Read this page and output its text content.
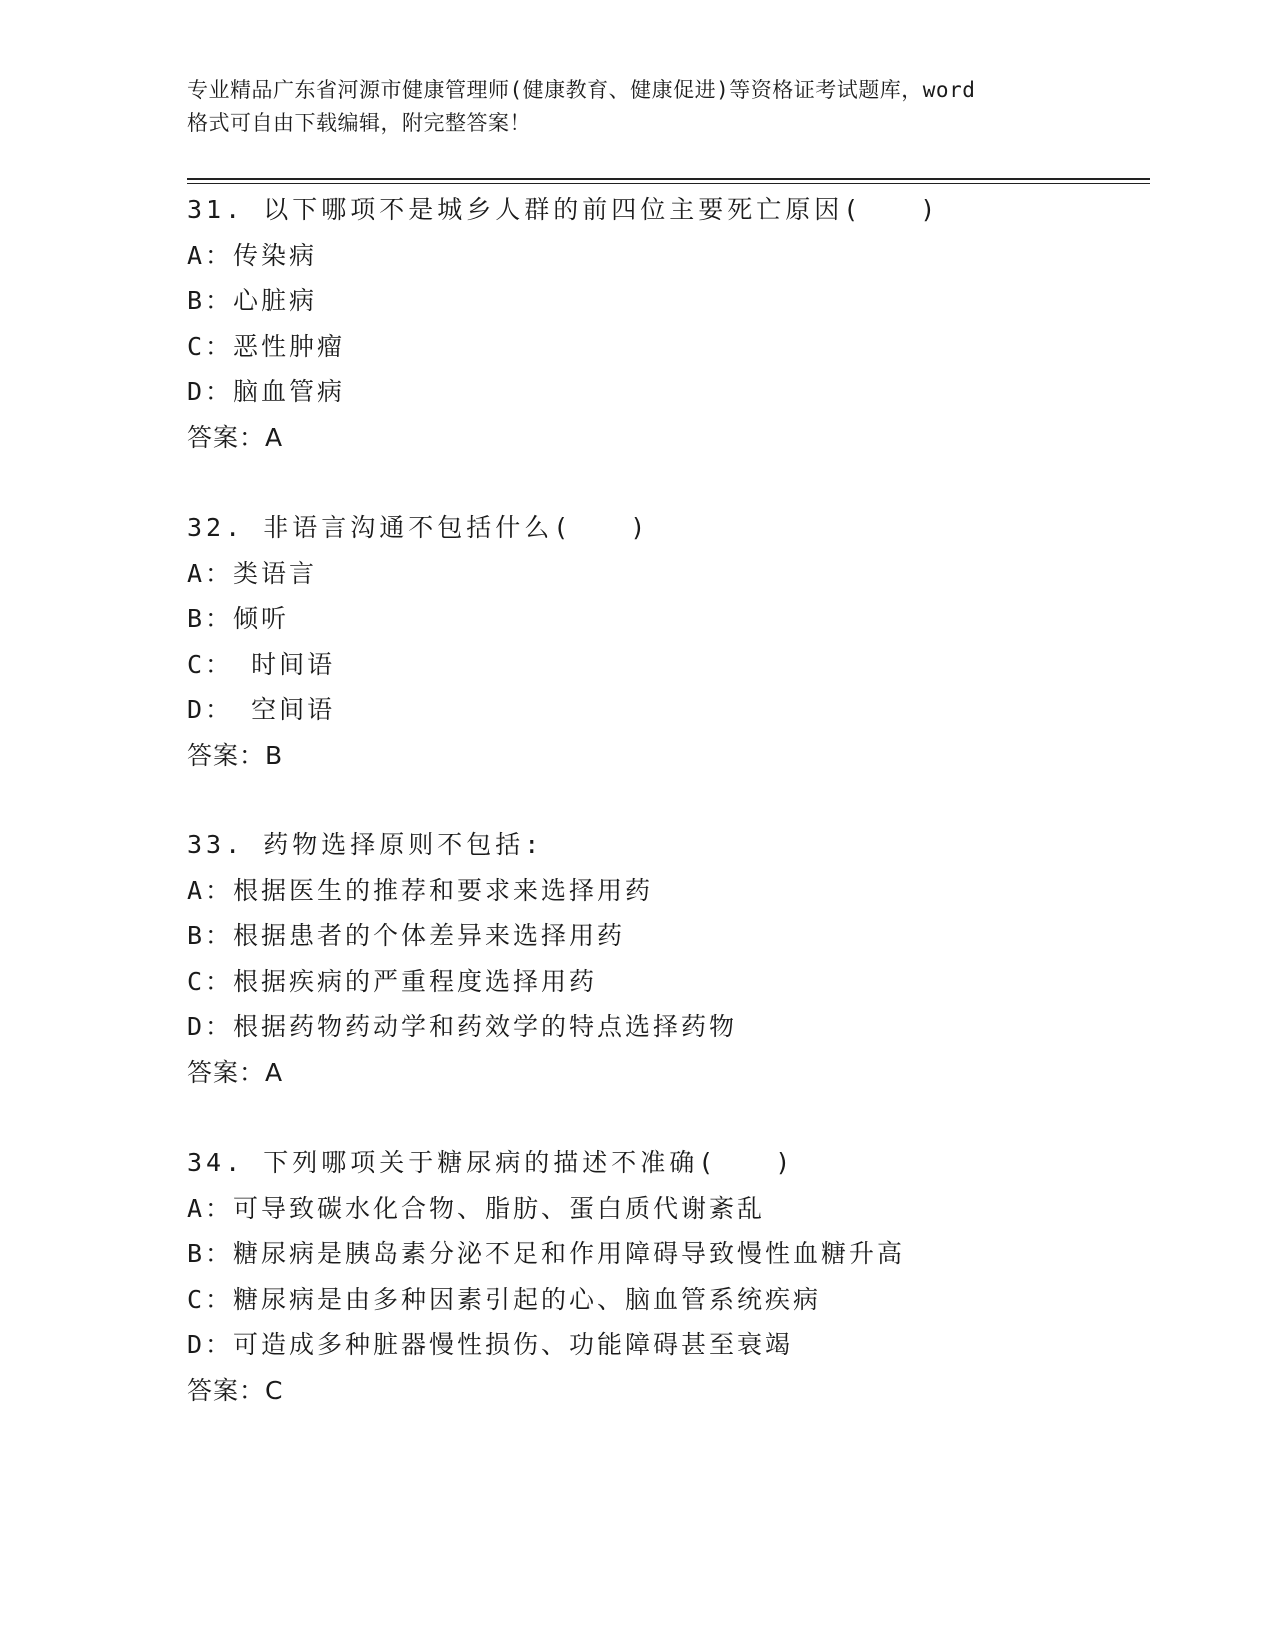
专业精品广东省河源市健康管理师(健康教育、健康促进)等资格证考试题库，word
格式可自由下载编辑，附完整答案！
31. 以下哪项不是城乡人群的前四位主要死亡原因(　　)
A：传染病
B：心脏病
C：恶性肿瘤
D：脑血管病
答案：A
32. 非语言沟通不包括什么(　　)
A：类语言
B：倾听
C： 时间语
D： 空间语
答案：B
33. 药物选择原则不包括:
A：根据医生的推荐和要求来选择用药
B：根据患者的个体差异来选择用药
C：根据疾病的严重程度选择用药
D：根据药物药动学和药效学的特点选择药物
答案：A
34. 下列哪项关于糖尿病的描述不准确(　　)
A：可导致碳水化合物、脂肪、蛋白质代谢紊乱
B：糖尿病是胰岛素分泌不足和作用障碍导致慢性血糖升高
C：糖尿病是由多种因素引起的心、脑血管系统疾病
D：可造成多种脏器慢性损伤、功能障碍甚至衰竭
答案：C
